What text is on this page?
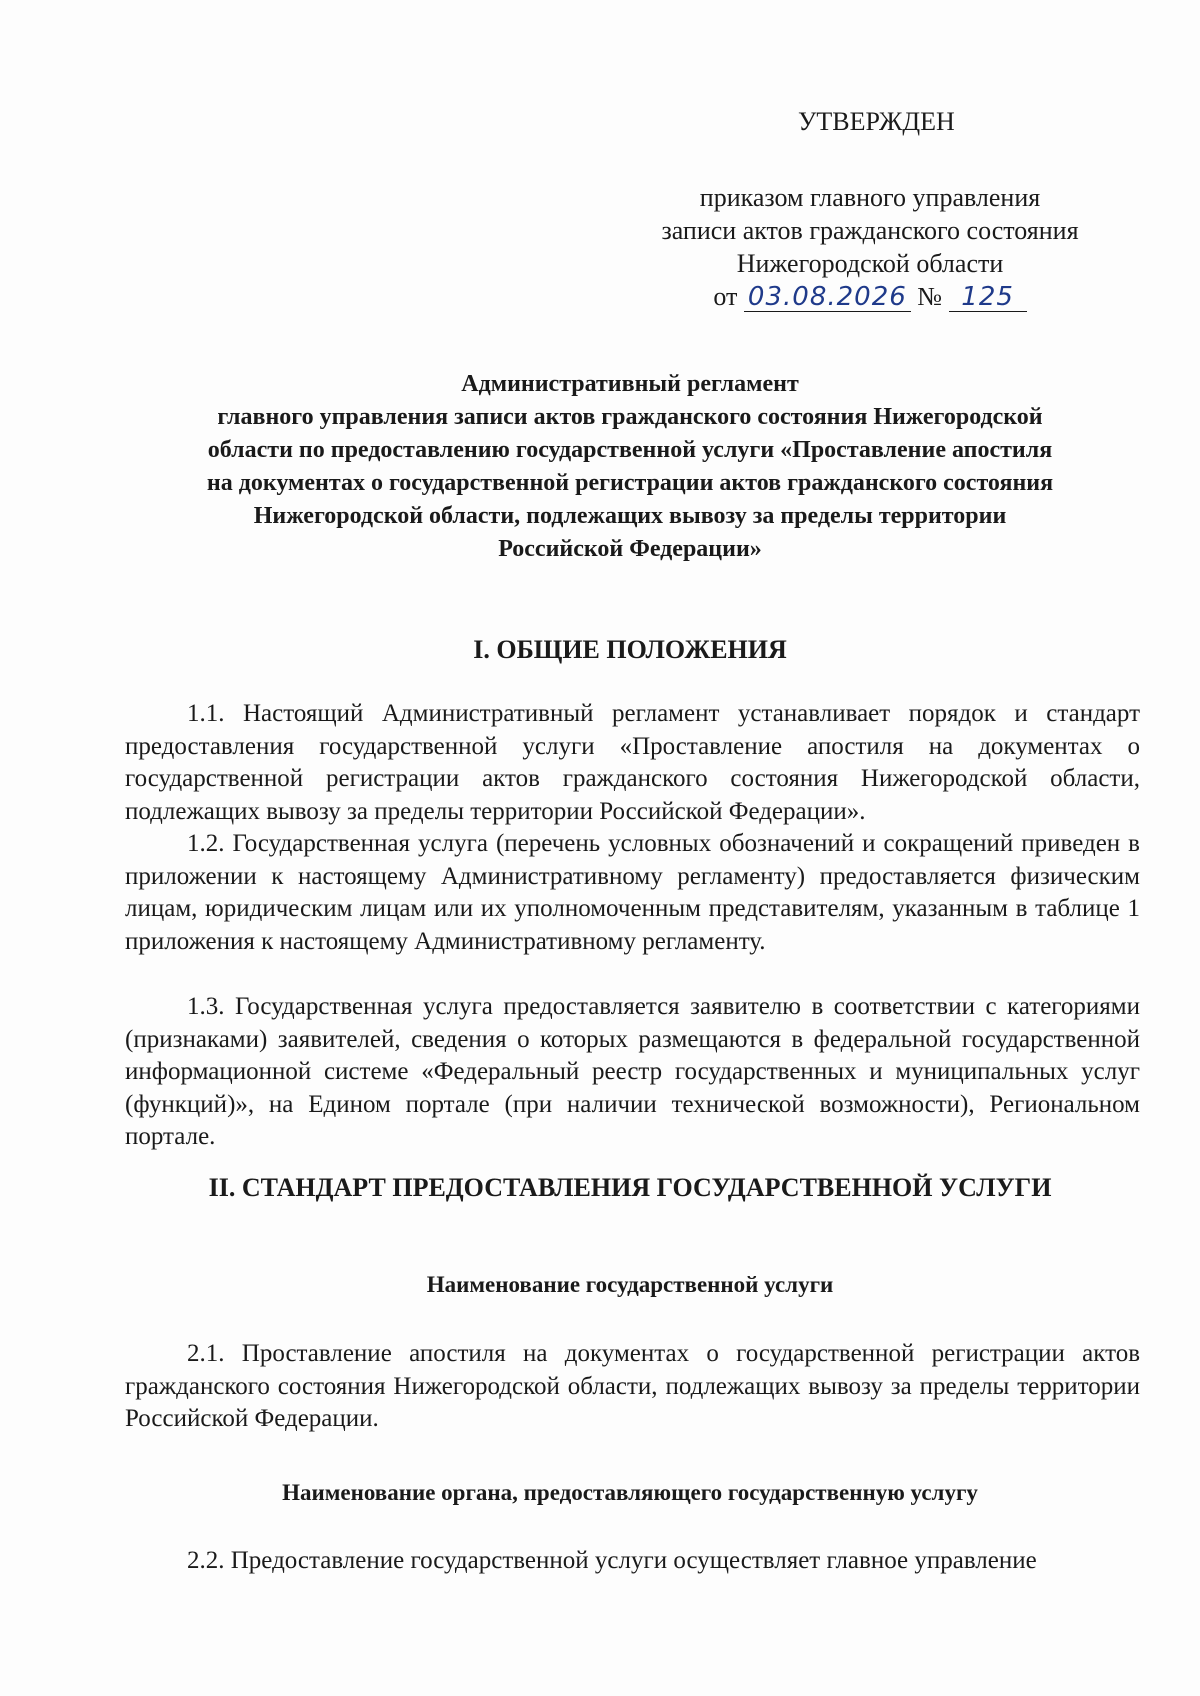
УТВЕРЖДЕН
приказом главного управления
записи актов гражданского состояния
Нижегородской области
от 03.08.2026 № 125
Административный регламент
главного управления записи актов гражданского состояния Нижегородской
области по предоставлению государственной услуги «Проставление апостиля
на документах о государственной регистрации актов гражданского состояния
Нижегородской области, подлежащих вывозу за пределы территории
Российской Федерации»
I. ОБЩИЕ ПОЛОЖЕНИЯ

1.1. Настоящий Административный регламент устанавливает порядок и стандарт предоставления государственной услуги «Проставление апостиля на документах о государственной регистрации актов гражданского состояния Нижегородской области, подлежащих вывозу за пределы территории Российской Федерации».

1.2. Государственная услуга (перечень условных обозначений и сокращений приведен в приложении к настоящему Административному регламенту) предоставляется физическим лицам, юридическим лицам или их уполномоченным представителям, указанным в таблице 1 приложения к настоящему Административному регламенту.

1.3. Государственная услуга предоставляется заявителю в соответствии с категориями (признаками) заявителей, сведения о которых размещаются в федеральной государственной информационной системе «Федеральный реестр государственных и муниципальных услуг (функций)», на Едином портале (при наличии технической возможности), Региональном портале.

II. СТАНДАРТ ПРЕДОСТАВЛЕНИЯ ГОСУДАРСТВЕННОЙ УСЛУГИ
Наименование государственной услуги

2.1. Проставление апостиля на документах о государственной регистрации актов гражданского состояния Нижегородской области, подлежащих вывозу за пределы территории Российской Федерации.

Наименование органа, предоставляющего государственную услугу

2.2. Предоставление государственной услуги осуществляет главное управление
